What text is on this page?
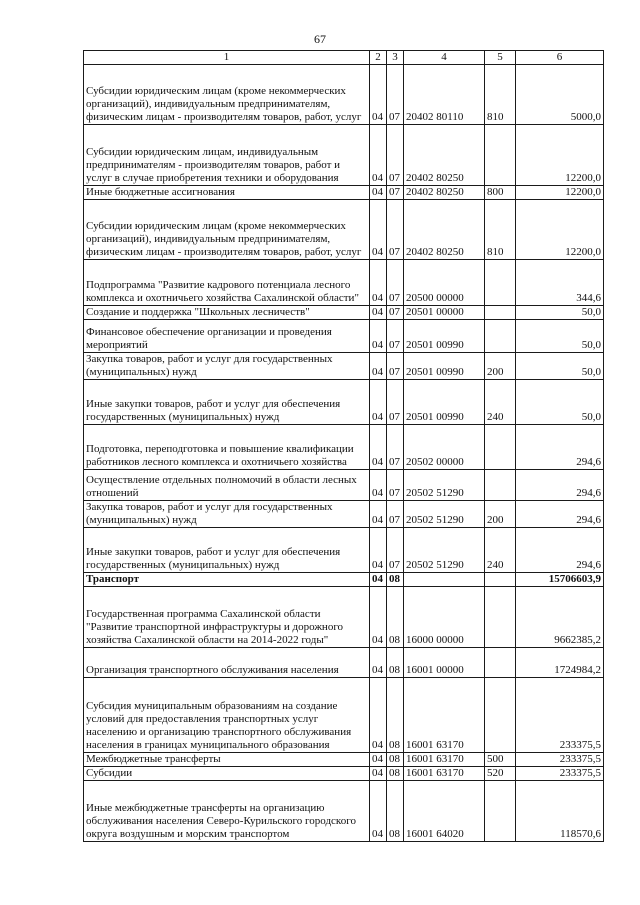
67
1	2	3	4	5	6
Субсидии юридическим лицам (кроме некоммерческих организаций), индивидуальным предпринимателям, физическим лицам - производителям товаров, работ, услуг	04	07	20402 80110	810	5000,0
Субсидии юридическим лицам, индивидуальным предпринимателям - производителям товаров, работ и услуг в случае приобретения техники и оборудования	04	07	20402 80250		12200,0
Иные бюджетные ассигнования	04	07	20402 80250	800	12200,0
Субсидии юридическим лицам (кроме некоммерческих организаций), индивидуальным предпринимателям, физическим лицам - производителям товаров, работ, услуг	04	07	20402 80250	810	12200,0
Подпрограмма "Развитие кадрового потенциала лесного комплекса и охотничьего хозяйства Сахалинской области"	04	07	20500 00000		344,6
Создание и поддержка "Школьных лесничеств"	04	07	20501 00000		50,0
Финансовое обеспечение организации и проведения мероприятий	04	07	20501 00990		50,0
Закупка товаров, работ и услуг для государственных (муниципальных) нужд	04	07	20501 00990	200	50,0
Иные закупки товаров, работ и услуг для обеспечения государственных (муниципальных) нужд	04	07	20501 00990	240	50,0
Подготовка, переподготовка и повышение квалификации работников лесного комплекса и охотничьего хозяйства	04	07	20502 00000		294,6
Осуществление отдельных полномочий в области лесных отношений	04	07	20502 51290		294,6
Закупка товаров, работ и услуг для государственных (муниципальных) нужд	04	07	20502 51290	200	294,6
Иные закупки товаров, работ и услуг для обеспечения государственных (муниципальных) нужд	04	07	20502 51290	240	294,6
Транспорт	04	08			15706603,9
Государственная программа Сахалинской области "Развитие транспортной инфраструктуры и дорожного хозяйства Сахалинской области на 2014-2022 годы"	04	08	16000 00000		9662385,2
Организация транспортного обслуживания населения	04	08	16001 00000		1724984,2
Субсидия муниципальным образованиям на создание условий для предоставления транспортных услуг населению и организацию транспортного обслуживания населения в границах муниципального образования	04	08	16001 63170		233375,5
Межбюджетные трансферты	04	08	16001 63170	500	233375,5
Субсидии	04	08	16001 63170	520	233375,5
Иные межбюджетные трансферты на организацию обслуживания населения Северо-Курильского городского округа воздушным и морским транспортом	04	08	16001 64020		118570,6
